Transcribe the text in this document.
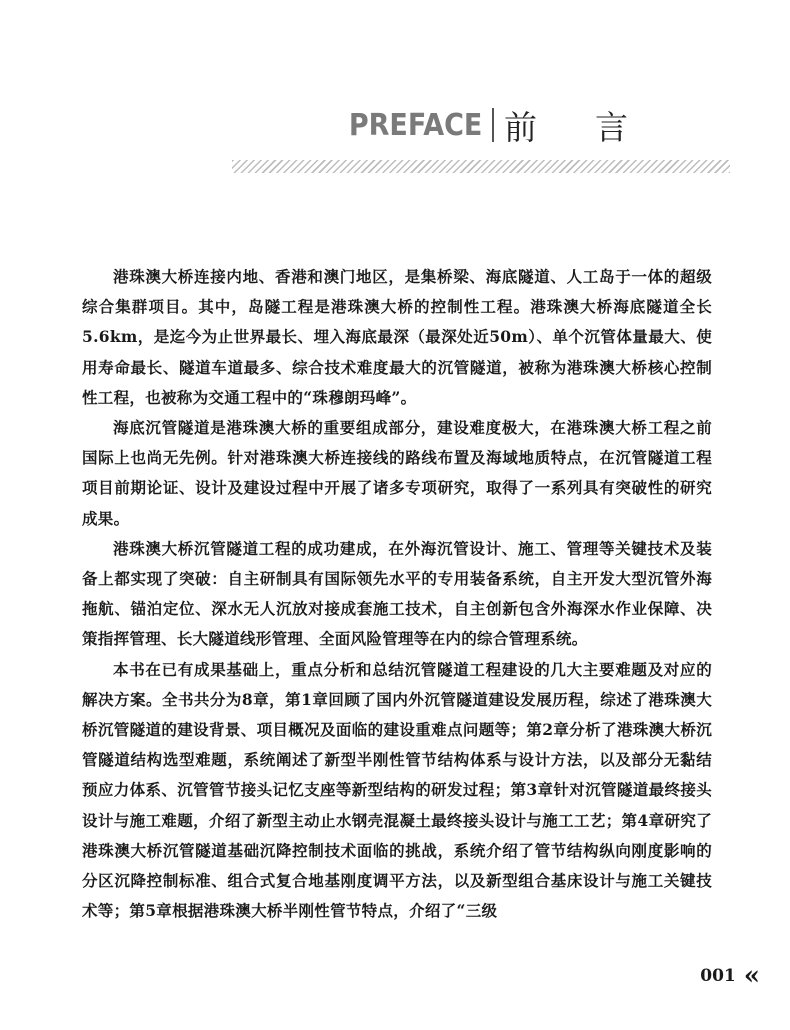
PREFACE 前 言

港珠澳大桥连接内地、香港和澳门地区，是集桥梁、海底隧道、人工岛于一体的超级综合集群项目。其中，岛隧工程是港珠澳大桥的控制性工程。港珠澳大桥海底隧道全长5.6km，是迄今为止世界最长、埋入海底最深（最深处近50m）、单个沉管体量最大、使用寿命最长、隧道车道最多、综合技术难度最大的沉管隧道，被称为港珠澳大桥核心控制性工程，也被称为交通工程中的“珠穆朗玛峰”。

海底沉管隧道是港珠澳大桥的重要组成部分，建设难度极大，在港珠澳大桥工程之前国际上也尚无先例。针对港珠澳大桥连接线的路线布置及海域地质特点，在沉管隧道工程项目前期论证、设计及建设过程中开展了诸多专项研究，取得了一系列具有突破性的研究成果。

港珠澳大桥沉管隧道工程的成功建成，在外海沉管设计、施工、管理等关键技术及装备上都实现了突破：自主研制具有国际领先水平的专用装备系统，自主开发大型沉管外海拖航、锚泊定位、深水无人沉放对接成套施工技术，自主创新包含外海深水作业保障、决策指挥管理、长大隧道线形管理、全面风险管理等在内的综合管理系统。

本书在已有成果基础上，重点分析和总结沉管隧道工程建设的几大主要难题及对应的解决方案。全书共分为8章，第1章回顾了国内外沉管隧道建设发展历程，综述了港珠澳大桥沉管隧道的建设背景、项目概况及面临的建设重难点问题等；第2章分析了港珠澳大桥沉管隧道结构选型难题，系统阐述了新型半刚性管节结构体系与设计方法，以及部分无黏结预应力体系、沉管管节接头记忆支座等新型结构的研发过程；第3章针对沉管隧道最终接头设计与施工难题，介绍了新型主动止水钢壳混凝土最终接头设计与施工工艺；第4章研究了港珠澳大桥沉管隧道基础沉降控制技术面临的挑战，系统介绍了管节结构纵向刚度影响的分区沉降控制标准、组合式复合地基刚度调平方法，以及新型组合基床设计与施工关键技术等；第5章根据港珠澳大桥半刚性管节特点，介绍了“三级

001 «
